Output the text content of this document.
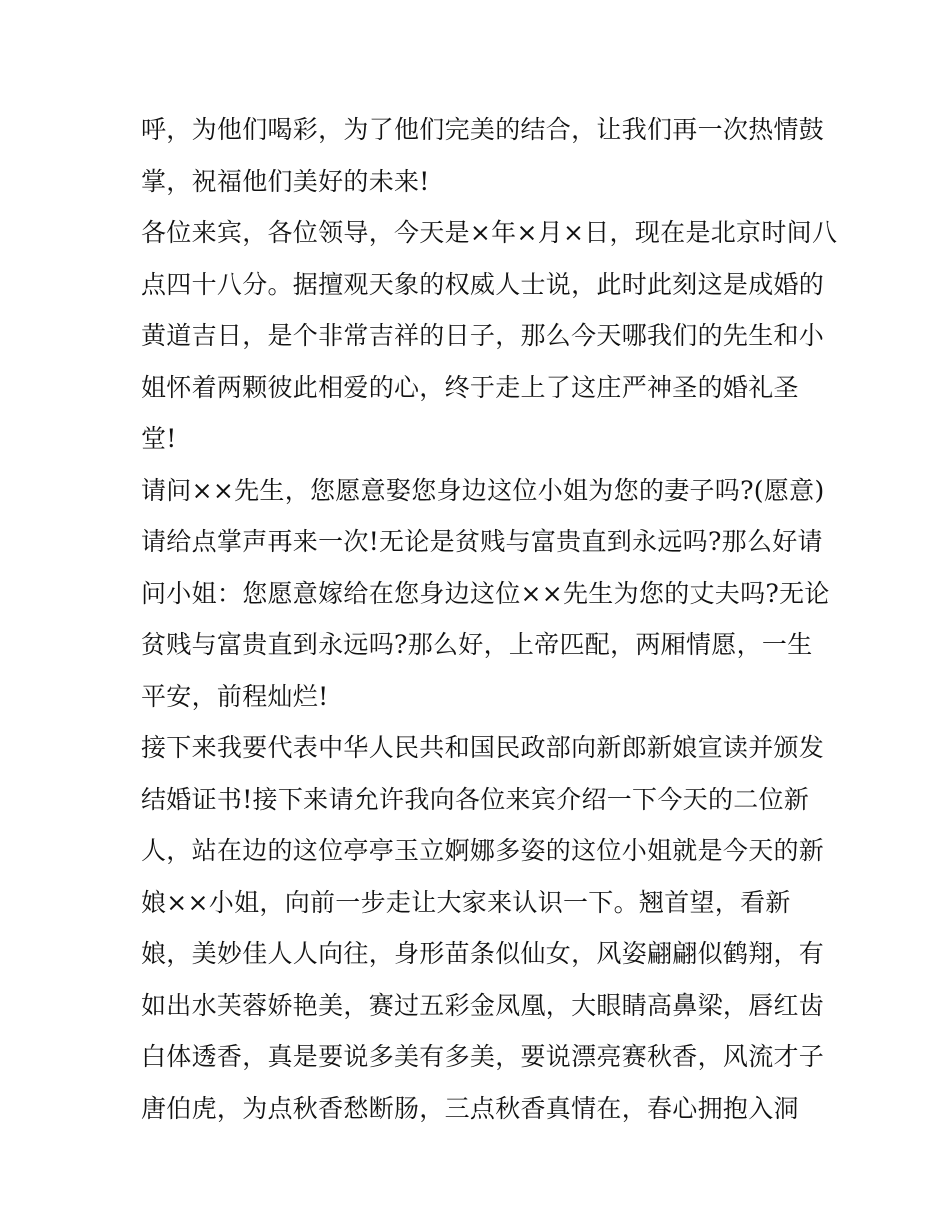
呼，为他们喝彩，为了他们完美的结合，让我们再一次热情鼓
掌，祝福他们美好的未来!
各位来宾，各位领导，今天是×年×月×日，现在是北京时间八
点四十八分。据擅观天象的权威人士说，此时此刻这是成婚的
黄道吉日，是个非常吉祥的日子，那么今天哪我们的先生和小
姐怀着两颗彼此相爱的心，终于走上了这庄严神圣的婚礼圣
堂!
请问××先生，您愿意娶您身边这位小姐为您的妻子吗?(愿意)
请给点掌声再来一次!无论是贫贱与富贵直到永远吗?那么好请
问小姐：您愿意嫁给在您身边这位××先生为您的丈夫吗?无论
贫贱与富贵直到永远吗?那么好，上帝匹配，两厢情愿，一生
平安，前程灿烂!
接下来我要代表中华人民共和国民政部向新郎新娘宣读并颁发
结婚证书!接下来请允许我向各位来宾介绍一下今天的二位新
人，站在边的这位亭亭玉立婀娜多姿的这位小姐就是今天的新
娘××小姐，向前一步走让大家来认识一下。翘首望，看新
娘，美妙佳人人向往，身形苗条似仙女，风姿翩翩似鹤翔，有
如出水芙蓉娇艳美，赛过五彩金凤凰，大眼睛高鼻梁，唇红齿
白体透香，真是要说多美有多美，要说漂亮赛秋香，风流才子
唐伯虎，为点秋香愁断肠，三点秋香真情在，春心拥抱入洞
